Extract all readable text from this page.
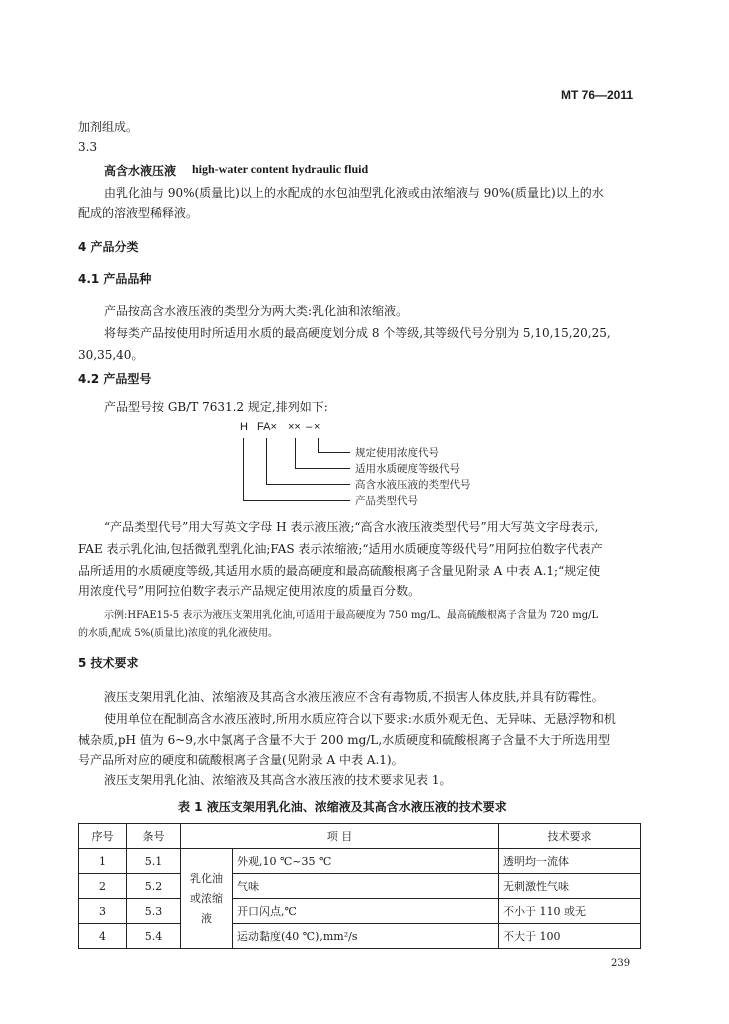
MT 76—2011
加剂组成。
3.3
高含水液压液 high-water content hydraulic fluid
由乳化油与 90%(质量比)以上的水配成的水包油型乳化液或由浓缩液与 90%(质量比)以上的水
配成的溶液型稀释液。
4 产品分类
4.1 产品品种
产品按高含水液压液的类型分为两大类:乳化油和浓缩液。
将每类产品按使用时所适用水质的最高硬度划分成 8 个等级,其等级代号分别为 5,10,15,20,25,
30,35,40。
4.2 产品型号
产品型号按 GB/T 7631.2 规定,排列如下:
H FA× ×× – ×
规定使用浓度代号
适用水质硬度等级代号
高含水液压液的类型代号
产品类型代号
“产品类型代号”用大写英文字母 H 表示液压液;“高含水液压液类型代号”用大写英文字母表示,
FAE 表示乳化油,包括微乳型乳化油;FAS 表示浓缩液;“适用水质硬度等级代号”用阿拉伯数字代表产
品所适用的水质硬度等级,其适用水质的最高硬度和最高硫酸根离子含量见附录 A 中表 A.1;“规定使
用浓度代号”用阿拉伯数字表示产品规定使用浓度的质量百分数。
示例:HFAE15-5 表示为液压支架用乳化油,可适用于最高硬度为 750 mg/L、最高硫酸根离子含量为 720 mg/L
的水质,配成 5%(质量比)浓度的乳化液使用。
5 技术要求
液压支架用乳化油、浓缩液及其高含水液压液应不含有毒物质,不损害人体皮肤,并具有防霉性。
使用单位在配制高含水液压液时,所用水质应符合以下要求:水质外观无色、无异味、无悬浮物和机
械杂质,pH 值为 6~9,水中氯离子含量不大于 200 mg/L,水质硬度和硫酸根离子含量不大于所选用型
号产品所对应的硬度和硫酸根离子含量(见附录 A 中表 A.1)。
液压支架用乳化油、浓缩液及其高含水液压液的技术要求见表 1。
表 1 液压支架用乳化油、浓缩液及其高含水液压液的技术要求
序号	条号	项 目		技术要求
1	5.1	乳化油或浓缩液	外观,10 ℃~35 ℃	透明均一流体
2	5.2		气味	无刺激性气味
3	5.3		开口闪点,℃	不小于 110 或无
4	5.4		运动黏度(40 ℃),mm²/s	不大于 100
239
